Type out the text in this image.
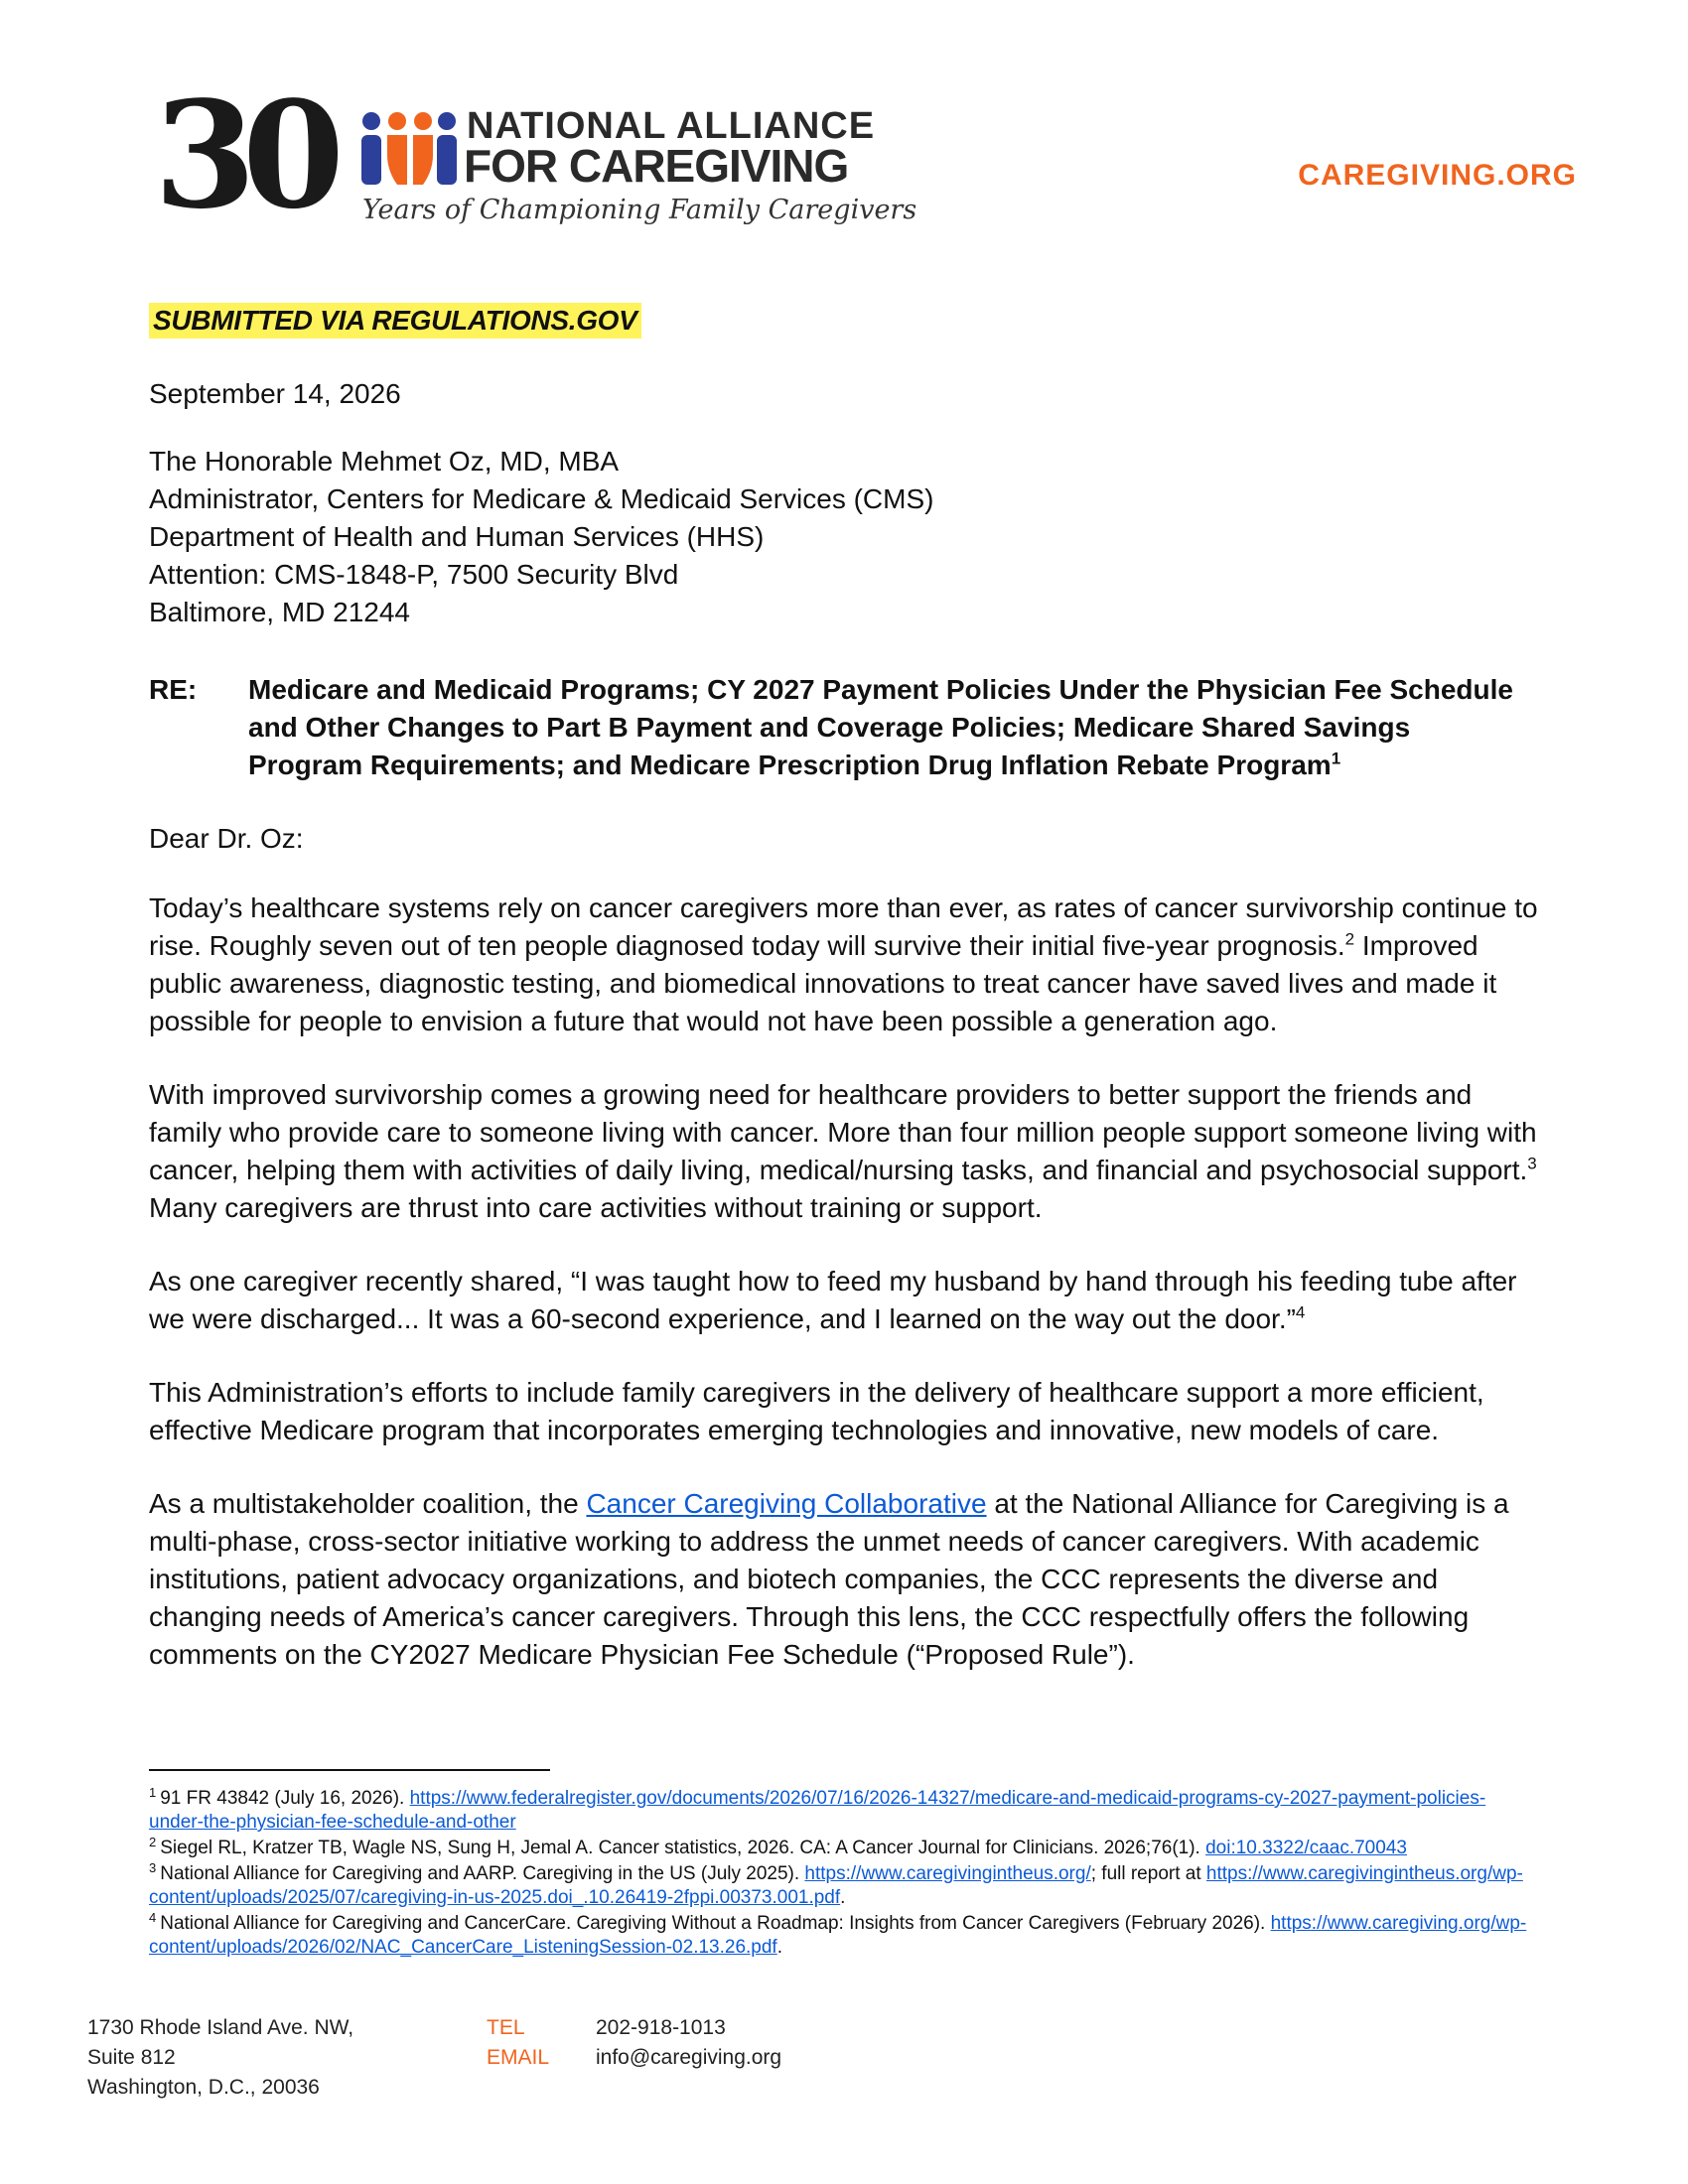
30	NATIONAL ALLIANCE
FOR CAREGIVING
Years of Championing Family Caregivers
CAREGIVING.ORG
SUBMITTED VIA REGULATIONS.GOV
September 14, 2026
The Honorable Mehmet Oz, MD, MBA
Administrator, Centers for Medicare & Medicaid Services (CMS)
Department of Health and Human Services (HHS)
Attention: CMS-1848-P, 7500 Security Blvd
Baltimore, MD 21244
RE: Medicare and Medicaid Programs; CY 2027 Payment Policies Under the Physician Fee Schedule and Other Changes to Part B Payment and Coverage Policies; Medicare Shared Savings Program Requirements; and Medicare Prescription Drug Inflation Rebate Program$^1$
Dear Dr. Oz:
Today’s healthcare systems rely on cancer caregivers more than ever, as rates of cancer survivorship continue to rise. Roughly seven out of ten people diagnosed today will survive their initial five-year prognosis.$^2$ Improved public awareness, diagnostic testing, and biomedical innovations to treat cancer have saved lives and made it possible for people to envision a future that would not have been possible a generation ago.
With improved survivorship comes a growing need for healthcare providers to better support the friends and family who provide care to someone living with cancer. More than four million people support someone living with cancer, helping them with activities of daily living, medical/nursing tasks, and financial and psychosocial support.$^3$ Many caregivers are thrust into care activities without training or support.
As one caregiver recently shared, “I was taught how to feed my husband by hand through his feeding tube after we were discharged... It was a 60-second experience, and I learned on the way out the door.”$^4$
This Administration’s efforts to include family caregivers in the delivery of healthcare support a more efficient, effective Medicare program that incorporates emerging technologies and innovative, new models of care.
As a multistakeholder coalition, the Cancer Caregiving Collaborative at the National Alliance for Caregiving is a multi-phase, cross-sector initiative working to address the unmet needs of cancer caregivers. With academic institutions, patient advocacy organizations, and biotech companies, the CCC represents the diverse and changing needs of America’s cancer caregivers. Through this lens, the CCC respectfully offers the following comments on the CY2027 Medicare Physician Fee Schedule (“Proposed Rule”).
$^1$ 91 FR 43842 (July 16, 2026). https://www.federalregister.gov/documents/2026/07/16/2026-14327/medicare-and-medicaid-programs-cy-2027-payment-policies-under-the-physician-fee-schedule-and-other
$^2$ Siegel RL, Kratzer TB, Wagle NS, Sung H, Jemal A. Cancer statistics, 2026. CA: A Cancer Journal for Clinicians. 2026;76(1). doi:10.3322/caac.70043
$^3$ National Alliance for Caregiving and AARP. Caregiving in the US (July 2025). https://www.caregivingintheus.org/; full report at https://www.caregivingintheus.org/wp-content/uploads/2025/07/caregiving-in-us-2025.doi_.10.26419-2fppi.00373.001.pdf.
$^4$ National Alliance for Caregiving and CancerCare. Caregiving Without a Roadmap: Insights from Cancer Caregivers (February 2026). https://www.caregiving.org/wp-content/uploads/2026/02/NAC_CancerCare_ListeningSession-02.13.26.pdf.
1730 Rhode Island Ave. NW,
Suite 812
Washington, D.C., 20036
TEL	202-918-1013
EMAIL info@caregiving.org
